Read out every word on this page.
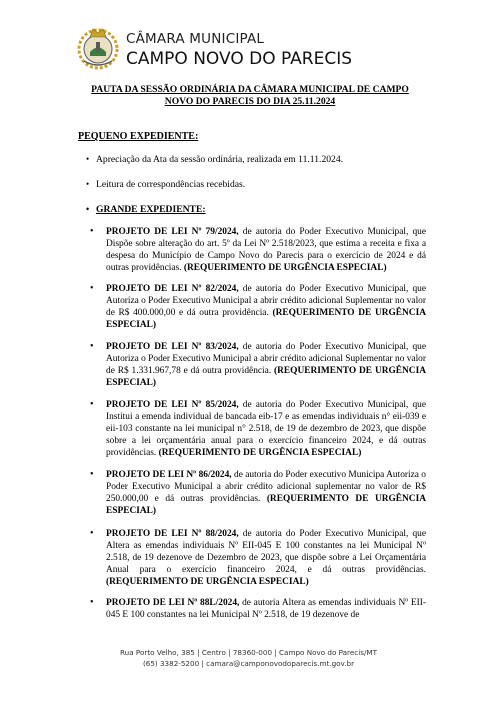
CÂMARA MUNICIPAL
CAMPO NOVO DO PARECIS
PAUTA DA SESSÃO ORDINÁRIA DA CÂMARA MUNICIPAL DE CAMPO
NOVO DO PARECIS DO DIA 25.11.2024
PEQUENO EXPEDIENTE:
• Apreciação da Ata da sessão ordinária, realizada em 11.11.2024.
• Leitura de correspondências recebidas.
• GRANDE EXPEDIENTE:
• PROJETO DE LEI Nº 79/2024, de autoria do Poder Executivo Municipal, que Dispõe sobre alteração do art. 5º da Lei Nº 2.518/2023, que estima a receita e fixa a despesa do Município de Campo Novo do Parecis para o exercício de 2024 e dá outras providências. (REQUERIMENTO DE URGÊNCIA ESPECIAL)
• PROJETO DE LEI Nº 82/2024, de autoria do Poder Executivo Municipal, que Autoriza o Poder Executivo Municipal a abrir crédito adicional Suplementar no valor de R$ 400.000,00 e dá outra providência. (REQUERIMENTO DE URGÊNCIA ESPECIAL)
• PROJETO DE LEI Nº 83/2024, de autoria do Poder Executivo Municipal, que Autoriza o Poder Executivo Municipal a abrir crédito adicional Suplementar no valor de R$ 1.331.967,78 e dá outra providência. (REQUERIMENTO DE URGÊNCIA ESPECIAL)
• PROJETO DE LEI Nº 85/2024, de autoria do Poder Executivo Municipal, que Institui a emenda individual de bancada eib-17 e as emendas individuais n° eii-039 e eii-103 constante na lei municipal n° 2.518, de 19 de dezembro de 2023, que dispõe sobre a lei orçamentária anual para o exercício financeiro 2024, e dá outras providências. (REQUERIMENTO DE URGÊNCIA ESPECIAL)
• PROJETO DE LEI Nº 86/2024, de autoria do Poder executivo Municipa Autoriza o Poder Executivo Municipal a abrir crédito adicional suplementar no valor de R$ 250.000,00 e dá outras providências. (REQUERIMENTO DE URGÊNCIA ESPECIAL)
• PROJETO DE LEI Nº 88/2024, de autoria do Poder Executivo Municipal, que Altera as emendas individuais Nº EII-045 E 100 constantes na lei Municipal Nº 2.518, de 19 dezenove de Dezembro de 2023, que dispõe sobre a Lei Orçamentária Anual para o exercício financeiro 2024, e dá outras providências. (REQUERIMENTO DE URGÊNCIA ESPECIAL)
• PROJETO DE LEI Nº 88L/2024, de autoria Altera as emendas individuais Nº EII-045 E 100 constantes na lei Municipal Nº 2.518, de 19 dezenove de
Rua Porto Velho, 385 | Centro | 78360-000 | Campo Novo do Parecis/MT
(65) 3382-5200 | camara@camponovodoparecis.mt.gov.br
